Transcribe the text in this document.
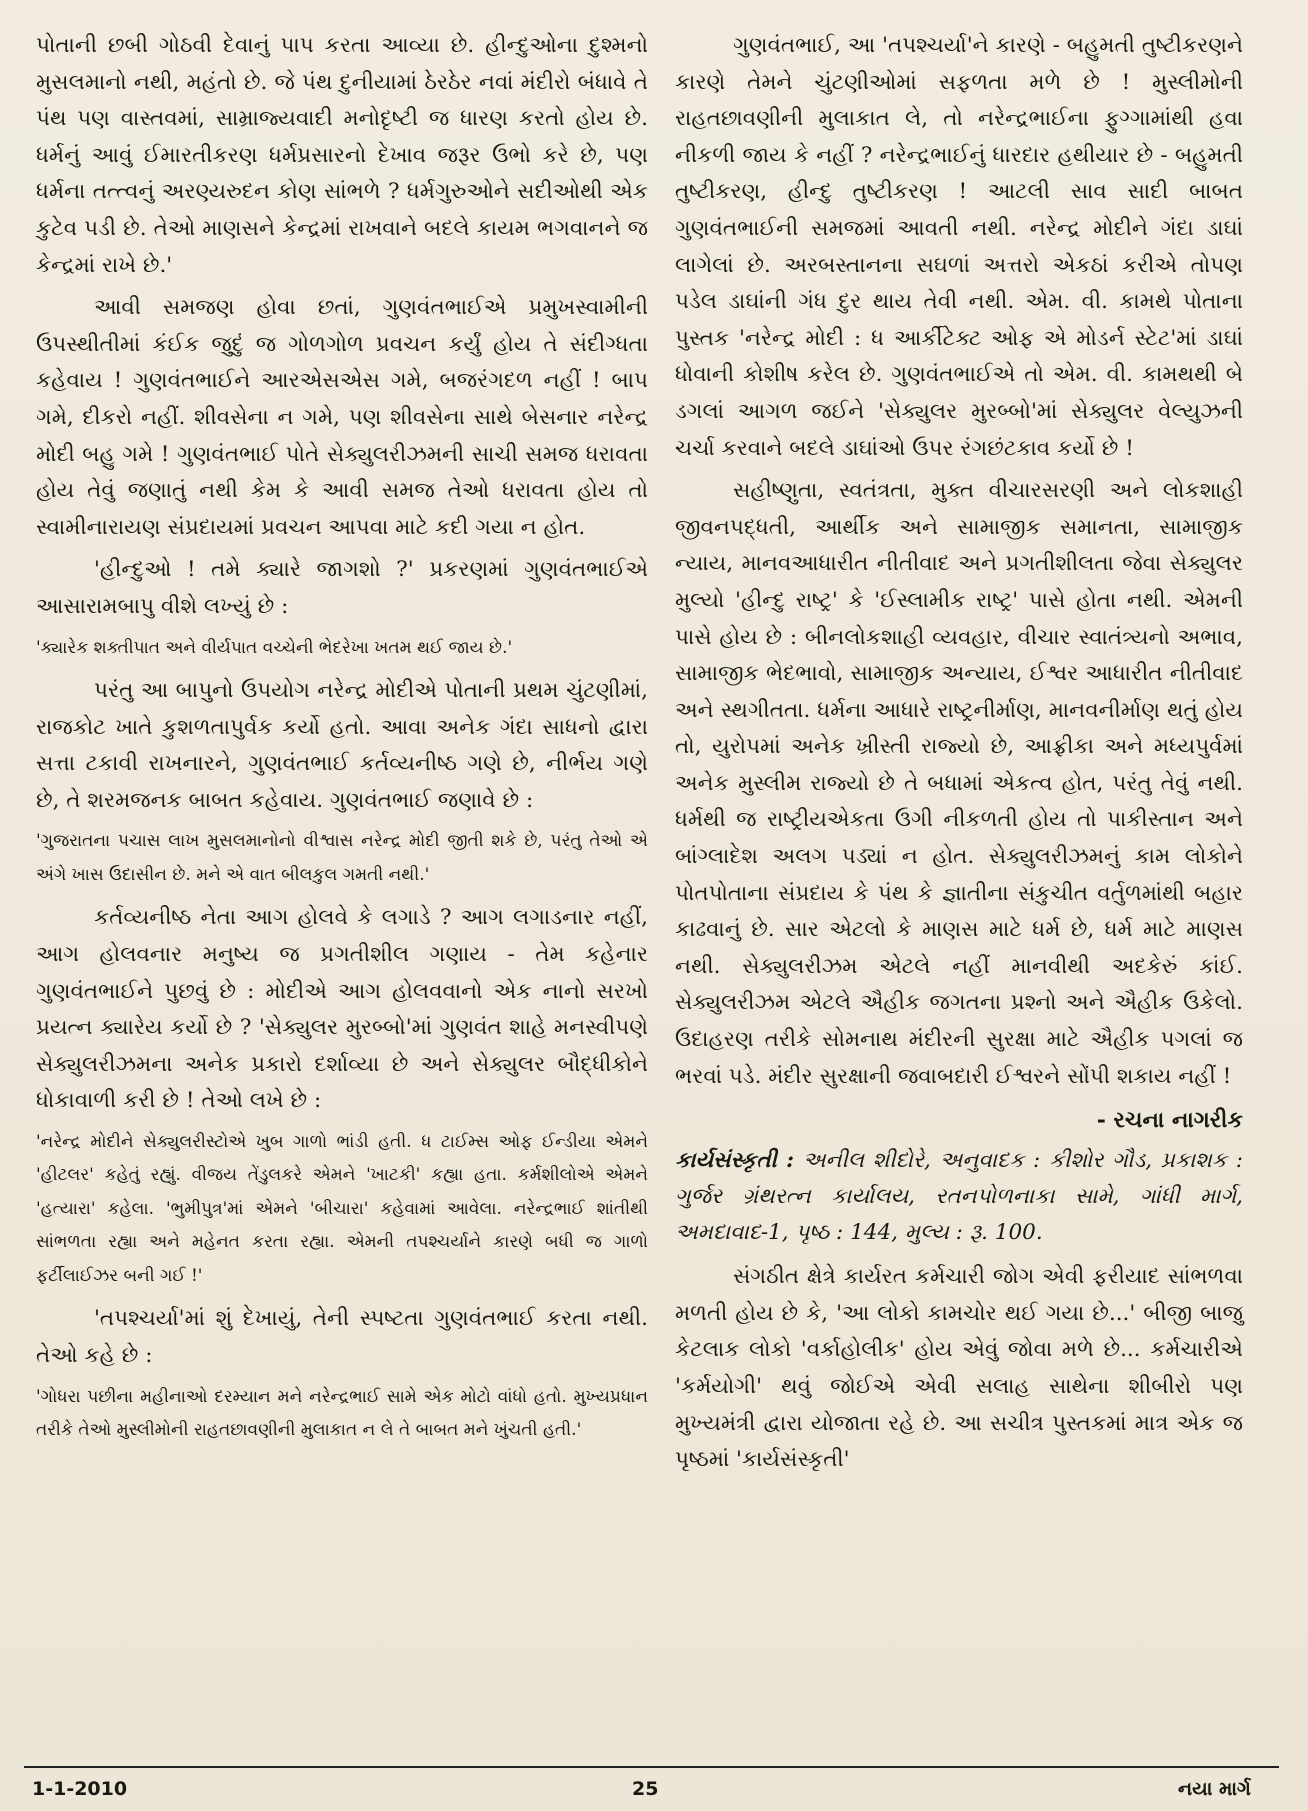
પોતાની છબી ગોઠવી દેવાનું પાપ કરતા આવ્યા છે. હીન્દુઓના દુશ્મનો મુસલમાનો નથી, મહંતો છે. જે પંથ દુનીયામાં ઠેરઠેર નવાં મંદીરો બંધાવે તે પંથ પણ વાસ્તવમાં, સામ્રાજ્યવાદી મનોદૃષ્ટી જ ધારણ કરતો હોય છે. ધર્મનું આવું ઈમારતીકરણ ધર્મપ્રસારનો દેખાવ જરૂર ઉભો કરે છે, પણ ધર્મના તત્ત્વનું અરણ્યરુદન કોણ સાંભળે ? ધર્મગુરુઓને સદીઓથી એક કુટેવ પડી છે. તેઓ માણસને કેન્દ્રમાં રાખવાને બદલે કાયમ ભગવાનને જ કેન્દ્રમાં રાખે છે.'

આવી સમજણ હોવા છતાં, ગુણવંતભાઈએ પ્રમુખસ્વામીની ઉપસ્થીતીમાં કંઈક જુદું જ ગોળગોળ પ્રવચન કર્યું હોય તે સંદીગ્ધતા કહેવાય ! ગુણવંતભાઈને આરએસએસ ગમે, બજરંગદળ નહીં ! બાપ ગમે, દીકરો નહીં. શીવસેના ન ગમે, પણ શીવસેના સાથે બેસનાર નરેન્દ્ર મોદી બહુ ગમે ! ગુણવંતભાઈ પોતે સેક્યુલરીઝમની સાચી સમજ ધરાવતા હોય તેવું જણાતું નથી કેમ કે આવી સમજ તેઓ ધરાવતા હોય તો સ્વામીનારાયણ સંપ્રદાયમાં પ્રવચન આપવા માટે કદી ગયા ન હોત.

'હીન્દુઓ ! તમે ક્યારે જાગશો ?' પ્રકરણમાં ગુણવંતભાઈએ આસારામબાપુ વીશે લખ્યું છે :

'ક્યારેક શક્તીપાત અને વીર્યપાત વચ્ચેની ભેદરેખા ખતમ થઈ જાય છે.'

પરંતુ આ બાપુનો ઉપયોગ નરેન્દ્ર મોદીએ પોતાની પ્રથમ ચુંટણીમાં, રાજકોટ ખાતે કુશળતાપુર્વક કર્યો હતો. આવા અનેક ગંદા સાધનો દ્વારા સત્તા ટકાવી રાખનારને, ગુણવંતભાઈ કર્તવ્યનીષ્ઠ ગણે છે, નીર્ભય ગણે છે, તે શરમજનક બાબત કહેવાય. ગુણવંતભાઈ જણાવે છે :

'ગુજરાતના પચાસ લાખ મુસલમાનોનો વીશ્વાસ નરેન્દ્ર મોદી જીતી શકે છે, પરંતુ તેઓ એ અંગે ખાસ ઉદાસીન છે. મને એ વાત બીલકુલ ગમતી નથી.'

કર્તવ્યનીષ્ઠ નેતા આગ હોલવે કે લગાડે ? આગ લગાડનાર નહીં, આગ હોલવનાર મનુષ્ય જ પ્રગતીશીલ ગણાય - તેમ કહેનાર ગુણવંતભાઈને પુછવું છે : મોદીએ આગ હોલવવાનો એક નાનો સરખો પ્રયત્ન ક્યારેય કર્યો છે ? 'સેક્યુલર મુરબ્બો'માં ગુણવંત શાહે મનસ્વીપણે સેક્યુલરીઝમના અનેક પ્રકારો દર્શાવ્યા છે અને સેક્યુલર બૌદ્ધીકોને ધોકાવાળી કરી છે ! તેઓ લખે છે :

'નરેન્દ્ર મોદીને સેક્યુલરીસ્ટોએ ખુબ ગાળો ભાંડી હતી. ધ ટાઈમ્સ ઓફ ઈન્ડીયા એમને 'હીટલર' કહેતું રહ્યું. વીજય તેંડુલકરે એમને 'ખાટકી' કહ્યા હતા. કર્મશીલોએ એમને 'હત્યારા' કહેલા. 'ભુમીપુત્ર'માં એમને 'બીચારા' કહેવામાં આવેલા. નરેન્દ્રભાઈ શાંતીથી સાંભળતા રહ્યા અને મહેનત કરતા રહ્યા. એમની તપશ્ચર્યાને કારણે બધી જ ગાળો ફર્ટીલાઈઝર બની ગઈ !'

'તપશ્ચર્યા'માં શું દેખાયું, તેની સ્પષ્ટતા ગુણવંતભાઈ કરતા નથી. તેઓ કહે છે :

'ગોધરા પછીના મહીનાઓ દરમ્યાન મને નરેન્દ્રભાઈ સામે એક મોટો વાંધો હતો. મુખ્યપ્રધાન તરીકે તેઓ મુસ્લીમોની રાહતછાવણીની મુલાકાત ન લે તે બાબત મને ખુંચતી હતી.'

ગુણવંતભાઈ, આ 'તપશ્ચર્યા'ને કારણે - બહુમતી તુષ્ટીકરણને કારણે તેમને ચુંટણીઓમાં સફળતા મળે છે ! મુસ્લીમોની રાહતછાવણીની મુલાકાત લે, તો નરેન્દ્રભાઈના ફુગ્ગામાંથી હવા નીકળી જાય કે નહીં ? નરેન્દ્રભાઈનું ધારદાર હથીયાર છે - બહુમતી તુષ્ટીકરણ, હીન્દુ તુષ્ટીકરણ ! આટલી સાવ સાદી બાબત ગુણવંતભાઈની સમજમાં આવતી નથી. નરેન્દ્ર મોદીને ગંદા ડાઘાં લાગેલાં છે. અરબસ્તાનના સઘળાં અત્તરો એકઠાં કરીએ તોપણ પડેલ ડાઘાંની ગંધ દુર થાય તેવી નથી. એમ. વી. કામથે પોતાના પુસ્તક 'નરેન્દ્ર મોદી : ધ આર્કીટેક્ટ ઓફ એ મોડર્ન સ્ટેટ'માં ડાઘાં ધોવાની કોશીષ કરેલ છે. ગુણવંતભાઈએ તો એમ. વી. કામથથી બે ડગલાં આગળ જઈને 'સેક્યુલર મુરબ્બો'માં સેક્યુલર વેલ્યુઝની ચર્ચા કરવાને બદલે ડાઘાંઓ ઉપર રંગછંટકાવ કર્યો છે !

સહીષ્ણુતા, સ્વતંત્રતા, મુક્ત વીચારસરણી અને લોકશાહી જીવનપદ્ધતી, આર્થીક અને સામાજીક સમાનતા, સામાજીક ન્યાય, માનવઆધારીત નીતીવાદ અને પ્રગતીશીલતા જેવા સેક્યુલર મુલ્યો 'હીન્દુ રાષ્ટ્ર' કે 'ઈસ્લામીક રાષ્ટ્ર' પાસે હોતા નથી. એમની પાસે હોય છે : બીનલોકશાહી વ્યવહાર, વીચાર સ્વાતંત્ર્યનો અભાવ, સામાજીક ભેદભાવો, સામાજીક અન્યાય, ઈશ્વર આધારીત નીતીવાદ અને સ્થગીતતા. ધર્મના આધારે રાષ્ટ્રનીર્માણ, માનવનીર્માણ થતું હોય તો, યુરોપમાં અનેક ખ્રીસ્તી રાજ્યો છે, આફ્રીકા અને મધ્યપુર્વમાં અનેક મુસ્લીમ રાજ્યો છે તે બધામાં એકત્વ હોત, પરંતુ તેવું નથી. ધર્મથી જ રાષ્ટ્રીયએકતા ઉગી નીકળતી હોય તો પાકીસ્તાન અને બાંગ્લાદેશ અલગ પડ્યાં ન હોત. સેક્યુલરીઝમનું કામ લોકોને પોતપોતાના સંપ્રદાય કે પંથ કે જ્ઞાતીના સંકુચીત વર્તુળમાંથી બહાર કાઢવાનું છે. સાર એટલો કે માણસ માટે ધર્મ છે, ધર્મ માટે માણસ નથી. સેક્યુલરીઝમ એટલે નહીં માનવીથી અદકેરું કાંઈ. સેક્યુલરીઝમ એટલે ઐહીક જગતના પ્રશ્નો અને ઐહીક ઉકેલો. ઉદાહરણ તરીકે સોમનાથ મંદીરની સુરક્ષા માટે ઐહીક પગલાં જ ભરવાં પડે. મંદીર સુરક્ષાની જવાબદારી ઈશ્વરને સોંપી શકાય નહીં !

- રચના નાગરીક

કાર્યસંસ્કૃતી : અનીલ શીદોરે, અનુવાદક : કીશોર ગૌડ, પ્રકાશક : ગુર્જર ગ્રંથરત્ન કાર્યાલય, રતનપોળનાકા સામે, ગાંધી માર્ગ, અમદાવાદ-1, પૃષ્ઠ : 144, મુલ્ય : રૂ. 100.

સંગઠીત ક્ષેત્રે કાર્યરત કર્મચારી જોગ એવી ફરીયાદ સાંભળવા મળતી હોય છે કે, 'આ લોકો કામચોર થઈ ગયા છે...' બીજી બાજુ કેટલાક લોકો 'વર્કાહોલીક' હોય એવું જોવા મળે છે... કર્મચારીએ 'કર્મયોગી' થવું જોઈએ એવી સલાહ સાથેના શીબીરો પણ મુખ્યમંત્રી દ્વારા યોજાતા રહે છે. આ સચીત્ર પુસ્તકમાં માત્ર એક જ પૃષ્ઠમાં 'કાર્યસંસ્કૃતી'

1-1-2010	25	નયા માર્ગ
